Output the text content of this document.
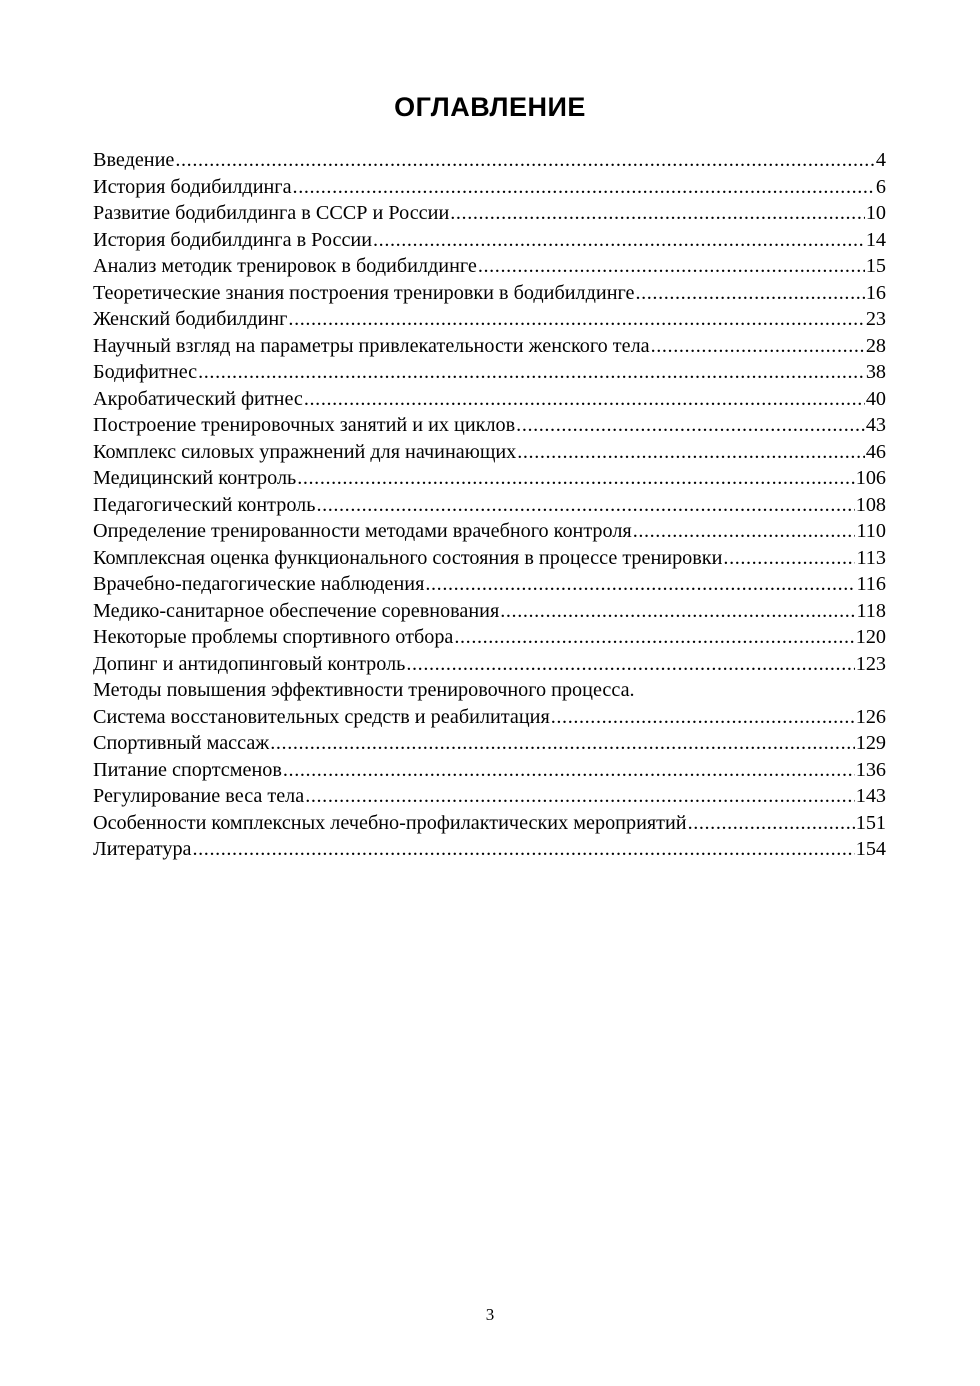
ОГЛАВЛЕНИЕ
Введение .....	4
История бодибилдинга .....	6
Развитие бодибилдинга в СССР и России .....	10
История бодибилдинга в России .....	14
Анализ методик тренировок в бодибилдинге .....	15
Теоретические знания построения тренировки в бодибилдинге .....	16
Женский бодибилдинг .....	23
Научный взгляд на параметры привлекательности женского тела .....	28
Бодифитнес .....	38
Акробатический фитнес .....	40
Построение тренировочных занятий и их циклов .....	43
Комплекс силовых упражнений для начинающих .....	46
Медицинский контроль .....	106
Педагогический контроль .....	108
Определение тренированности методами врачебного контроля .....	110
Комплексная оценка функционального состояния в процессе тренировки .....	113
Врачебно-педагогические наблюдения .....	116
Медико-санитарное обеспечение соревнования .....	118
Некоторые проблемы спортивного отбора .....	120
Допинг и антидопинговый контроль .....	123
Методы повышения эффективности тренировочного процесса.
Система восстановительных средств и реабилитация .....	126
Спортивный массаж .....	129
Питание спортсменов .....	136
Регулирование веса тела .....	143
Особенности комплексных лечебно-профилактических мероприятий .....	151
Литература .....	154
3
